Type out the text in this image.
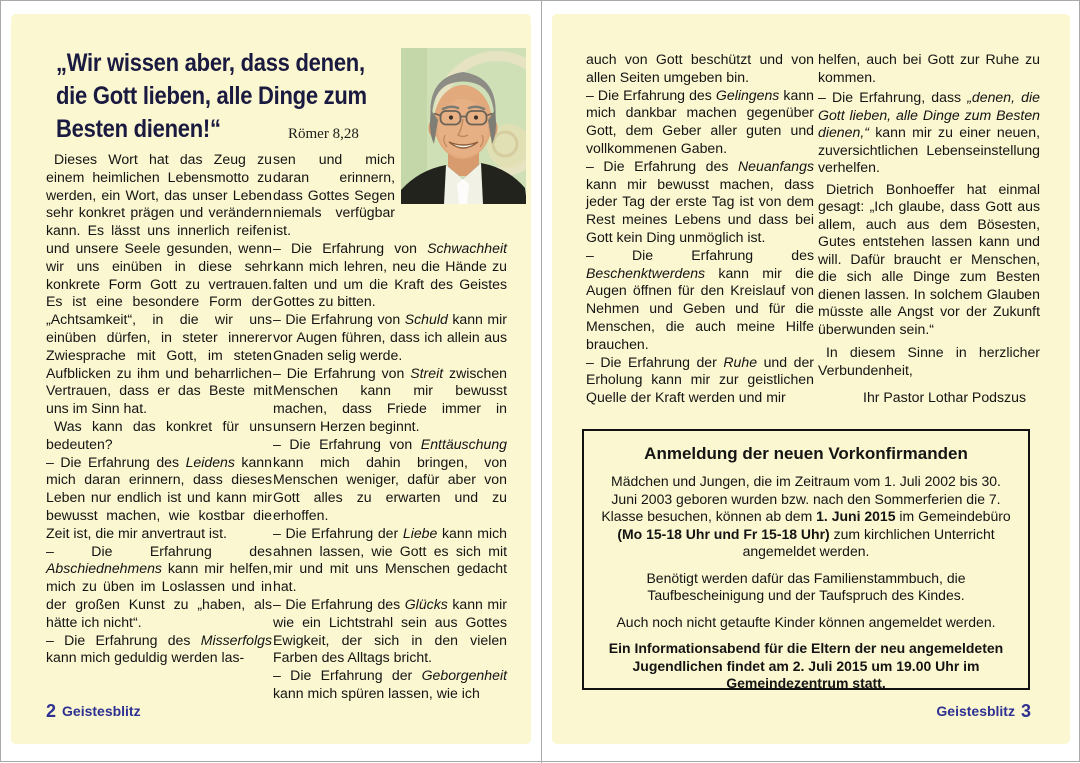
„Wir wissen aber, dass denen,
die Gott lieben, alle Dinge zum
Besten dienen!“	Römer 8,28

Dieses Wort hat das Zeug zu einem heimlichen Lebensmotto zu werden, ein Wort, das unser Leben sehr konkret prägen und verändern kann. Es lässt uns innerlich reifen und unsere Seele gesunden, wenn wir uns einüben in diese sehr konkrete Form Gott zu vertrauen. Es ist eine besondere Form der „Achtsamkeit“, in die wir uns einüben dürfen, in steter innerer Zwiesprache mit Gott, im steten Aufblicken zu ihm und beharrlichen Vertrauen, dass er das Beste mit uns im Sinn hat.

Was kann das konkret für uns bedeuten?

– Die Erfahrung des Leidens kann mich daran erinnern, dass dieses Leben nur endlich ist und kann mir bewusst machen, wie kostbar die Zeit ist, die mir anvertraut ist.

– Die Erfahrung des Abschiednehmens kann mir helfen, mich zu üben im Loslassen und in der großen Kunst zu „haben, als hätte ich nicht“.

– Die Erfahrung des Misserfolgs kann mich geduldig werden las-

sen und mich daran erinnern, dass Gottes Segen niemals verfügbar ist.

– Die Erfahrung von Schwachheit kann mich lehren, neu die Hände zu falten und um die Kraft des Geistes Gottes zu bitten.

– Die Erfahrung von Schuld kann mir vor Augen führen, dass ich allein aus Gnaden selig werde.

– Die Erfahrung von Streit zwischen Menschen kann mir bewusst machen, dass Friede immer in unsern Herzen beginnt.

– Die Erfahrung von Enttäuschung kann mich dahin bringen, von Menschen weniger, dafür aber von Gott alles zu erwarten und zu erhoffen.

– Die Erfahrung der Liebe kann mich ahnen lassen, wie Gott es sich mit mir und mit uns Menschen gedacht hat.

– Die Erfahrung des Glücks kann mir wie ein Lichtstrahl sein aus Gottes Ewigkeit, der sich in den vielen Farben des Alltags bricht.

– Die Erfahrung der Geborgenheit kann mich spüren lassen, wie ich

2 Geistesblitz

auch von Gott beschützt und von allen Seiten umgeben bin.

– Die Erfahrung des Gelingens kann mich dankbar machen gegenüber Gott, dem Geber aller guten und vollkommenen Gaben.

– Die Erfahrung des Neuanfangs kann mir bewusst machen, dass jeder Tag der erste Tag ist von dem Rest meines Lebens und dass bei Gott kein Ding unmöglich ist.

– Die Erfahrung des Beschenktwerdens kann mir die Augen öffnen für den Kreislauf von Nehmen und Geben und für die Menschen, die auch meine Hilfe brauchen.

– Die Erfahrung der Ruhe und der Erholung kann mir zur geistlichen Quelle der Kraft werden und mir

helfen, auch bei Gott zur Ruhe zu kommen.

– Die Erfahrung, dass „denen, die Gott lieben, alle Dinge zum Besten dienen,“ kann mir zu einer neuen, zuversichtlichen Lebenseinstellung verhelfen.

Dietrich Bonhoeffer hat einmal gesagt: „Ich glaube, dass Gott aus allem, auch aus dem Bösesten, Gutes entstehen lassen kann und will. Dafür braucht er Menschen, die sich alle Dinge zum Besten dienen lassen. In solchem Glauben müsste alle Angst vor der Zukunft überwunden sein.“

In diesem Sinne in herzlicher Verbundenheit,

Ihr Pastor Lothar Podszus

Anmeldung der neuen Vorkonfirmanden

Mädchen und Jungen, die im Zeitraum vom 1. Juli 2002 bis 30. Juni 2003 geboren wurden bzw. nach den Sommerferien die 7. Klasse besuchen, können ab dem 1. Juni 2015 im Gemeindebüro (Mo 15-18 Uhr und Fr 15-18 Uhr) zum kirchlichen Unterricht angemeldet werden.

Benötigt werden dafür das Familienstammbuch, die Taufbescheinigung und der Taufspruch des Kindes.

Auch noch nicht getaufte Kinder können angemeldet werden.

Ein Informationsabend für die Eltern der neu angemeldeten Jugendlichen findet am 2. Juli 2015 um 19.00 Uhr im Gemeindezentrum statt.

Geistesblitz 3
